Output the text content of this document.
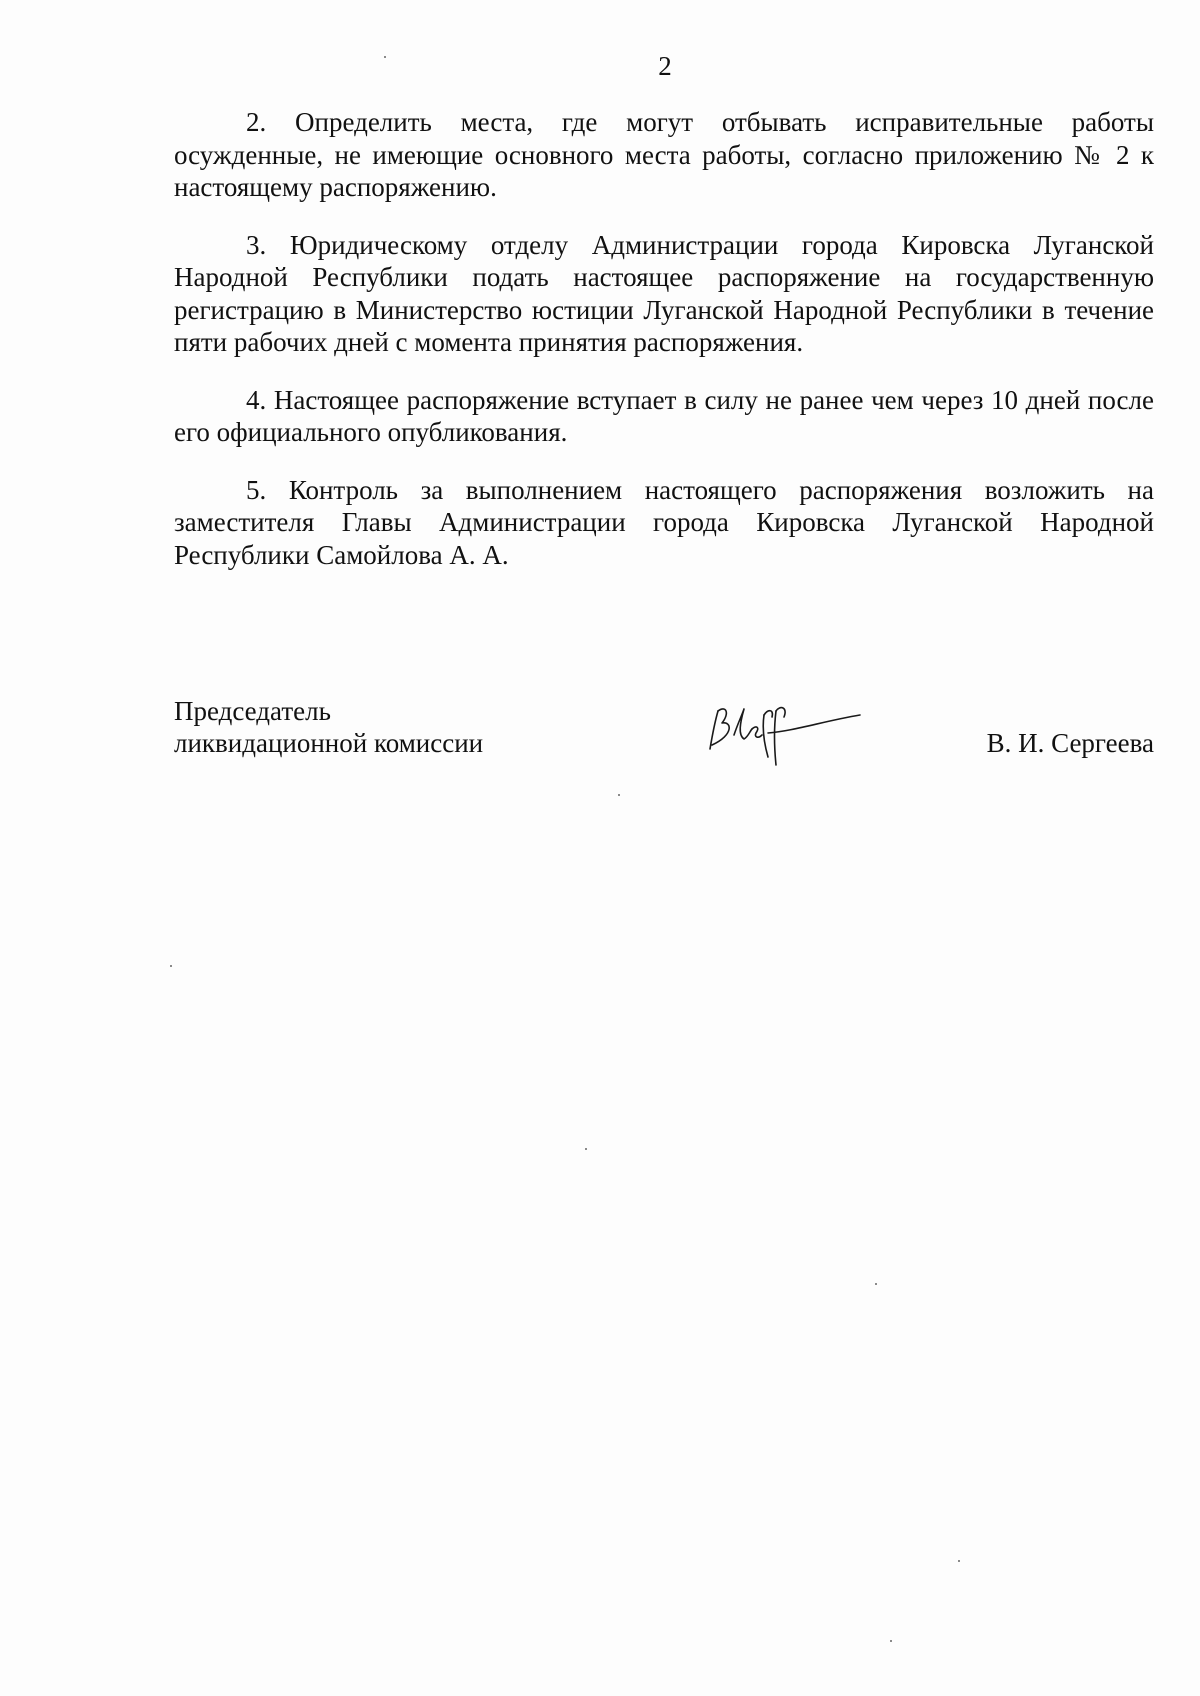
2

2. Определить места, где могут отбывать исправительные работы осужденные, не имеющие основного места работы, согласно приложению № 2 к настоящему распоряжению.

3. Юридическому отделу Администрации города Кировска Луганской Народной Республики подать настоящее распоряжение на государственную регистрацию в Министерство юстиции Луганской Народной Республики в течение пяти рабочих дней с момента принятия распоряжения.

4. Настоящее распоряжение вступает в силу не ранее чем через 10 дней после его официального опубликования.

5. Контроль за выполнением настоящего распоряжения возложить на заместителя Главы Администрации города Кировска Луганской Народной Республики Самойлова А. А.

Председатель
ликвидационной комиссии	В. И. Сергеева
